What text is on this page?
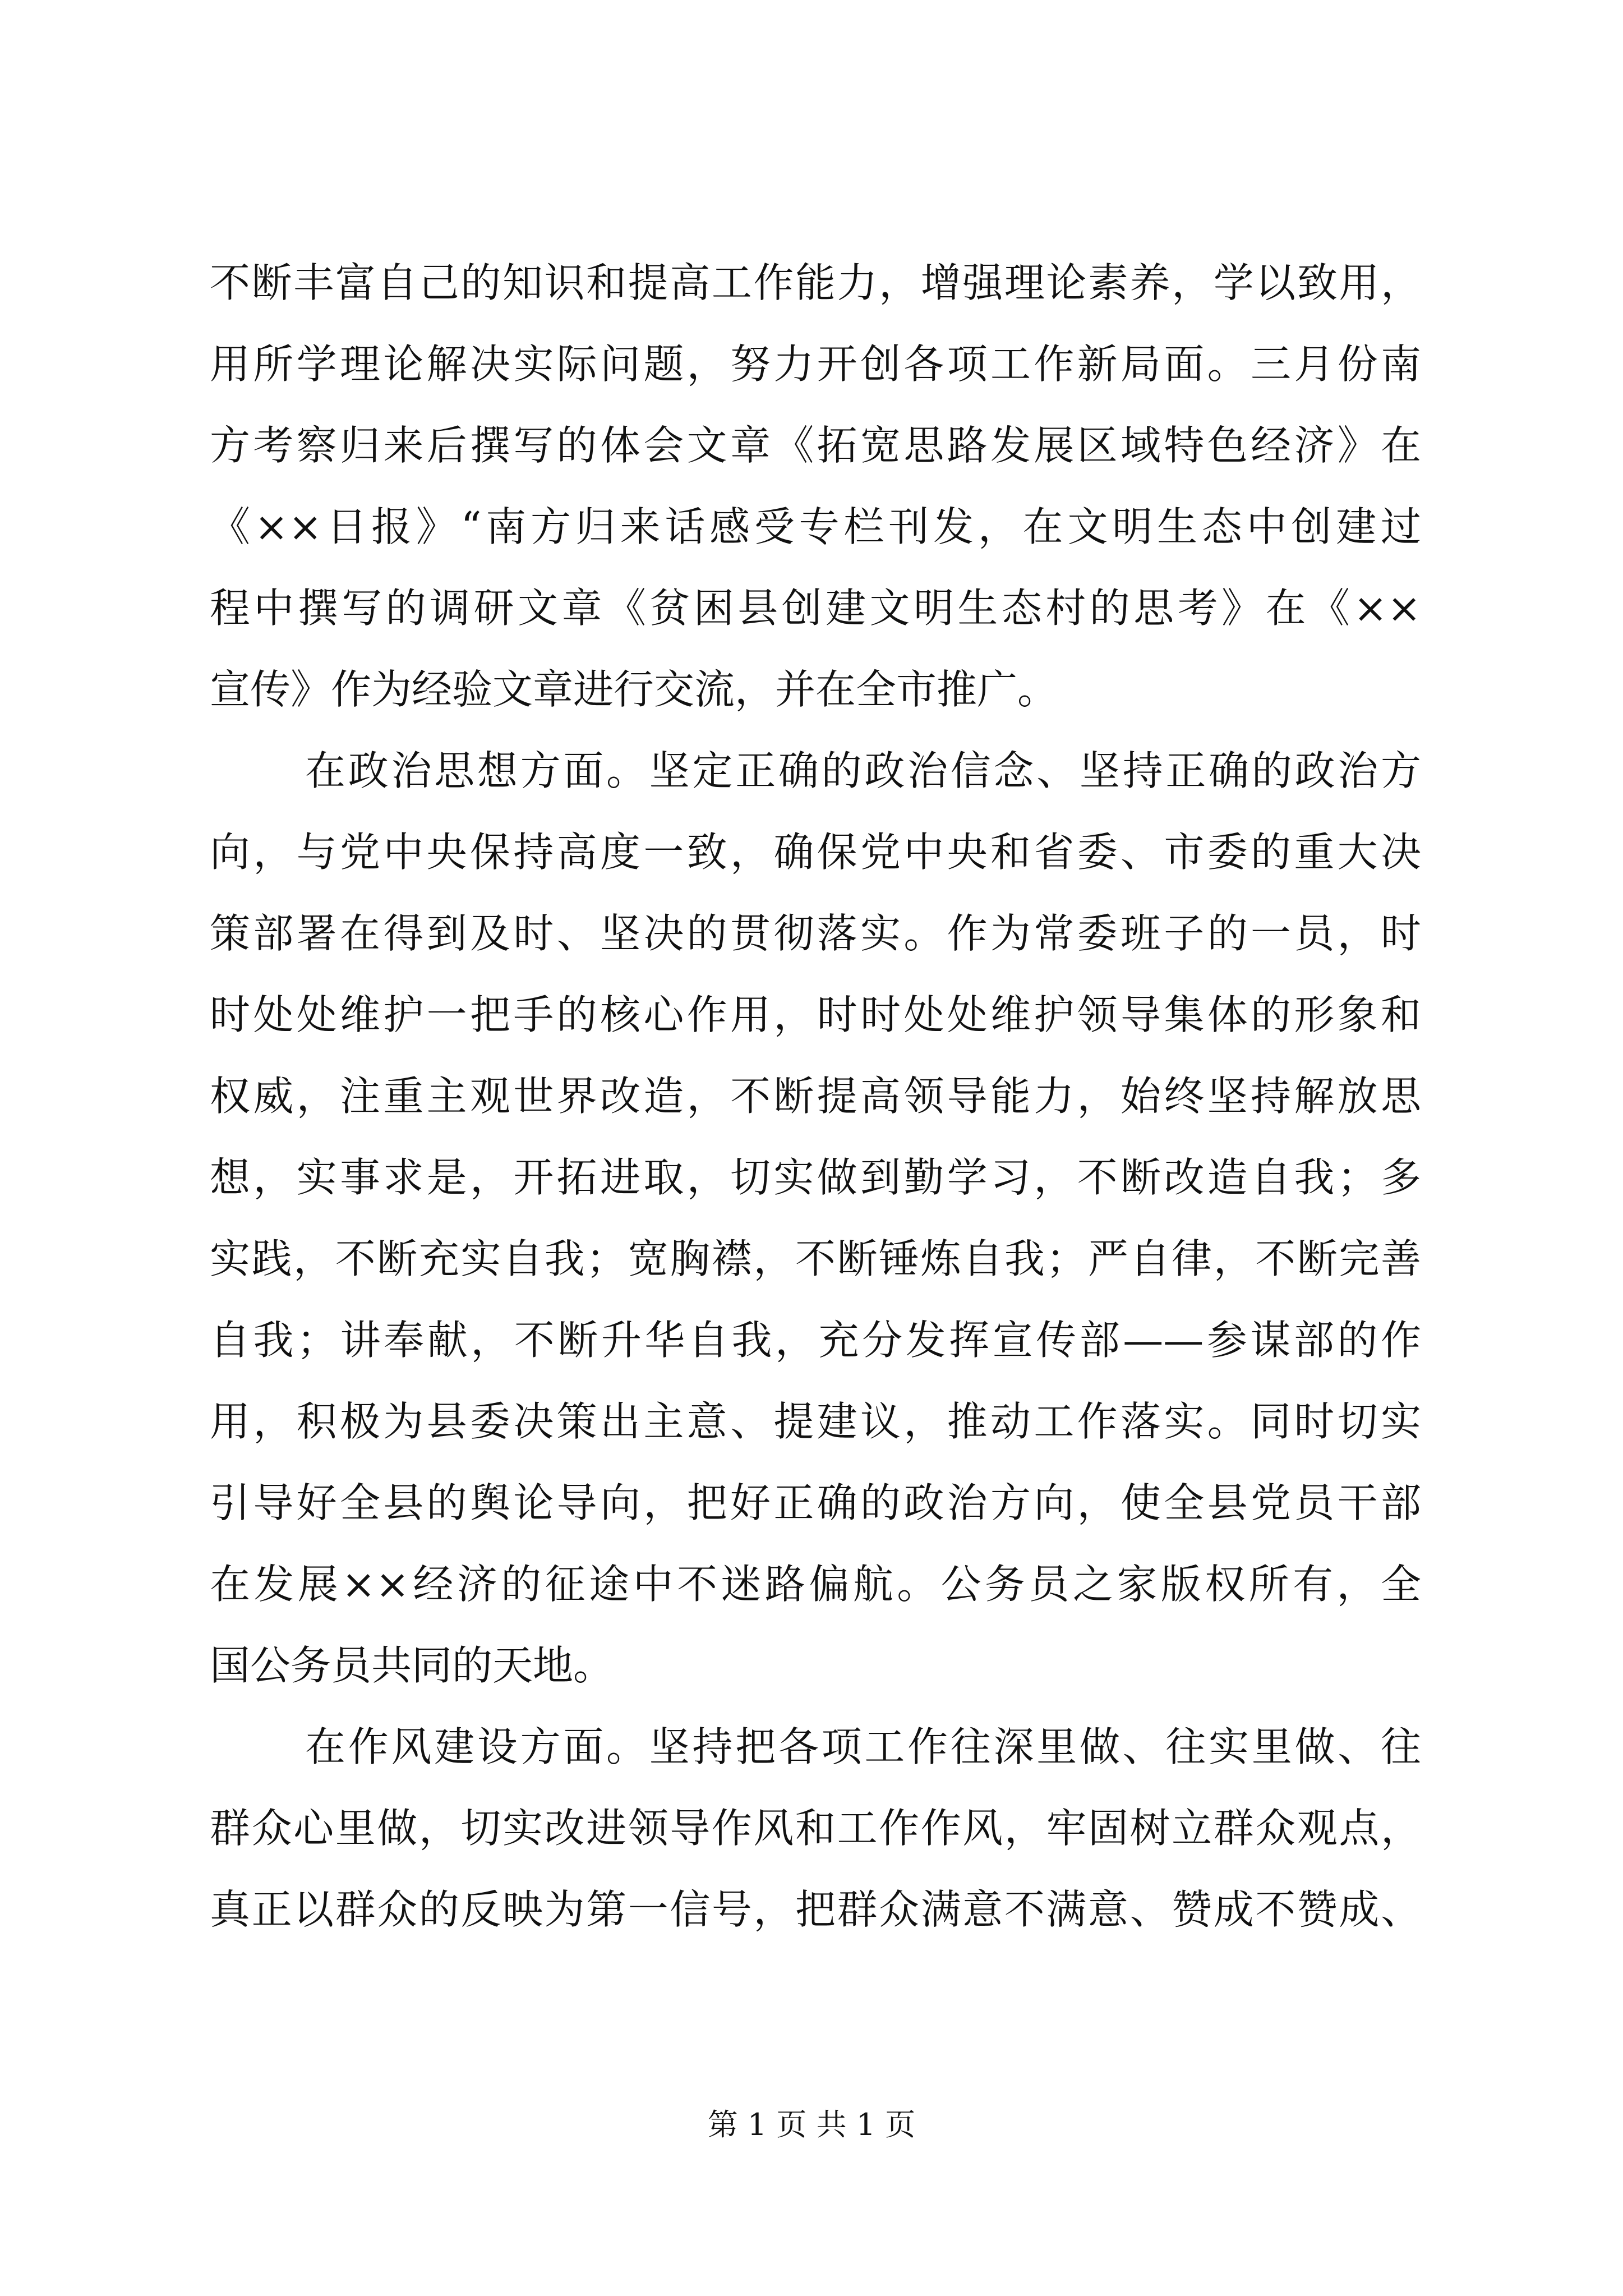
不断丰富自己的知识和提高工作能力，增强理论素养，学以致用，
用所学理论解决实际问题，努力开创各项工作新局面。三月份南
方考察归来后撰写的体会文章《拓宽思路发展区域特色经济》在
《××日报》“南方归来话感受专栏刊发，在文明生态中创建过
程中撰写的调研文章《贫困县创建文明生态村的思考》在《××
宣传》作为经验文章进行交流，并在全市推广。
在政治思想方面。坚定正确的政治信念、坚持正确的政治方
向，与党中央保持高度一致，确保党中央和省委、市委的重大决
策部署在得到及时、坚决的贯彻落实。作为常委班子的一员，时
时处处维护一把手的核心作用，时时处处维护领导集体的形象和
权威，注重主观世界改造，不断提高领导能力，始终坚持解放思
想，实事求是，开拓进取，切实做到勤学习，不断改造自我；多
实践，不断充实自我；宽胸襟，不断锤炼自我；严自律，不断完善
自我；讲奉献，不断升华自我，充分发挥宣传部——参谋部的作
用，积极为县委决策出主意、提建议，推动工作落实。同时切实
引导好全县的舆论导向，把好正确的政治方向，使全县党员干部
在发展××经济的征途中不迷路偏航。公务员之家版权所有，全
国公务员共同的天地。
在作风建设方面。坚持把各项工作往深里做、往实里做、往
群众心里做，切实改进领导作风和工作作风，牢固树立群众观点，
真正以群众的反映为第一信号，把群众满意不满意、赞成不赞成、
第 1 页 共 1 页
